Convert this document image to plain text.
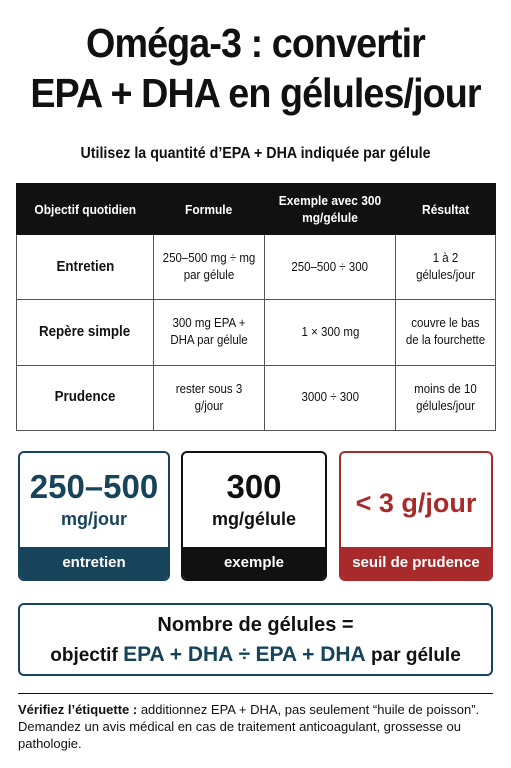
Oméga-3 : convertir
EPA + DHA en gélules/jour
Utilisez la quantité d’EPA + DHA indiquée par gélule
Objectif quotidien	Formule	Exemple avec 300 mg/gélule	Résultat
Entretien	250–500 mg ÷ mg par gélule	250–500 ÷ 300	1 à 2 gélules/jour
Repère simple	300 mg EPA + DHA par gélule	1 × 300 mg	couvre le bas de la fourchette
Prudence	rester sous 3 g/jour	3000 ÷ 300	moins de 10 gélules/jour
250–500
mg/jour
entretien
300
mg/gélule
exemple
< 3 g/jour
seuil de prudence
Nombre de gélules =
objectif EPA + DHA ÷ EPA + DHA par gélule
Vérifiez l’étiquette : additionnez EPA + DHA, pas seulement “huile de poisson”. Demandez un avis médical en cas de traitement anticoagulant, grossesse ou pathologie.
